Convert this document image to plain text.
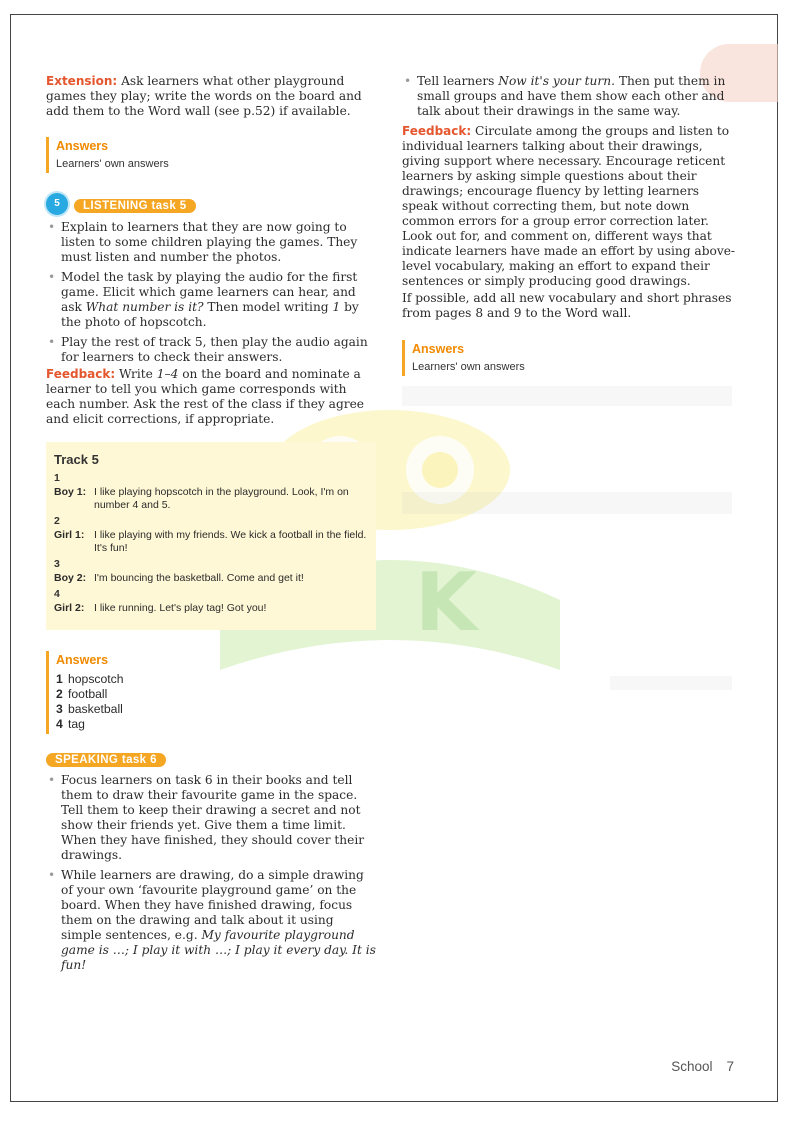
K

Extension: Ask learners what other playground games they play; write the words on the board and add them to the Word wall (see p.52) if available.

Answers
Learners' own answers
5 LISTENING task 5
• Explain to learners that they are now going to listen to some children playing the games. They must listen and number the photos.
• Model the task by playing the audio for the first game. Elicit which game learners can hear, and ask What number is it? Then model writing 1 by the photo of hopscotch.
• Play the rest of track 5, then play the audio again for learners to check their answers.

Feedback: Write 1–4 on the board and nominate a learner to tell you which game corresponds with each number. Ask the rest of the class if they agree and elicit corrections, if appropriate.

Track 5
1
Boy 1: I like playing hopscotch in the playground. Look, I'm on number 4 and 5.
2
Girl 1: I like playing with my friends. We kick a football in the field. It's fun!
3
Boy 2: I'm bouncing the basketball. Come and get it!
4
Girl 2: I like running. Let's play tag! Got you!
Answers
1 hopscotch
2 football
3 basketball
4 tag
SPEAKING task 6
• Focus learners on task 6 in their books and tell them to draw their favourite game in the space. Tell them to keep their drawing a secret and not show their friends yet. Give them a time limit. When they have finished, they should cover their drawings.
• While learners are drawing, do a simple drawing of your own ‘favourite playground game’ on the board. When they have finished drawing, focus them on the drawing and talk about it using simple sentences, e.g. My favourite playground game is …; I play it with …; I play it every day. It is fun!
• Tell learners Now it's your turn. Then put them in small groups and have them show each other and talk about their drawings in the same way.

Feedback: Circulate among the groups and listen to individual learners talking about their drawings, giving support where necessary. Encourage reticent learners by asking simple questions about their drawings; encourage fluency by letting learners speak without correcting them, but note down common errors for a group error correction later. Look out for, and comment on, different ways that indicate learners have made an effort by using above-level vocabulary, making an effort to expand their sentences or simply producing good drawings.

If possible, add all new vocabulary and short phrases from pages 8 and 9 to the Word wall.

Answers
Learners' own answers
School 7
